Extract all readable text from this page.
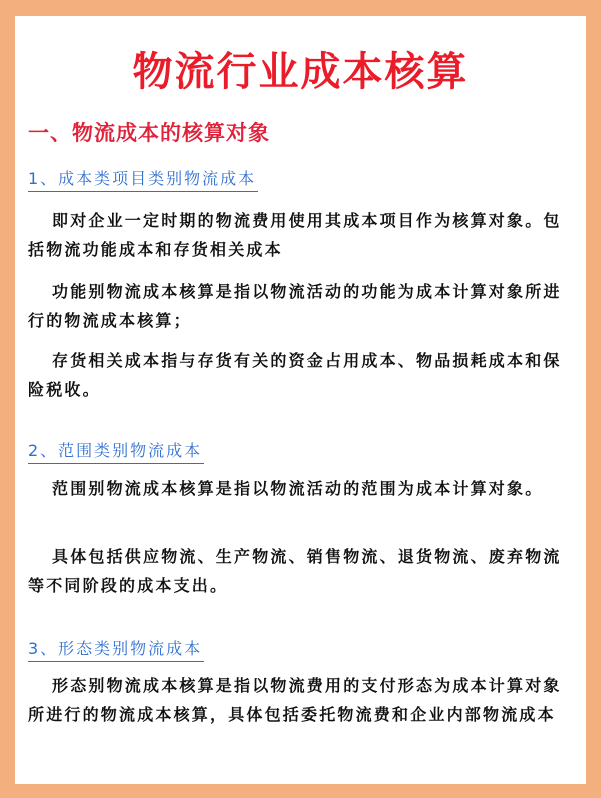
物流行业成本核算
一、物流成本的核算对象
1、成本类项目类别物流成本
即对企业一定时期的物流费用使用其成本项目作为核算对象。包括物流功能成本和存货相关成本
功能别物流成本核算是指以物流活动的功能为成本计算对象所进行的物流成本核算；
存货相关成本指与存货有关的资金占用成本、物品损耗成本和保险税收。
2、范围类别物流成本
范围别物流成本核算是指以物流活动的范围为成本计算对象。
具体包括供应物流、生产物流、销售物流、退货物流、废弃物流等不同阶段的成本支出。
3、形态类别物流成本
形态别物流成本核算是指以物流费用的支付形态为成本计算对象所进行的物流成本核算，具体包括委托物流费和企业内部物流成本
